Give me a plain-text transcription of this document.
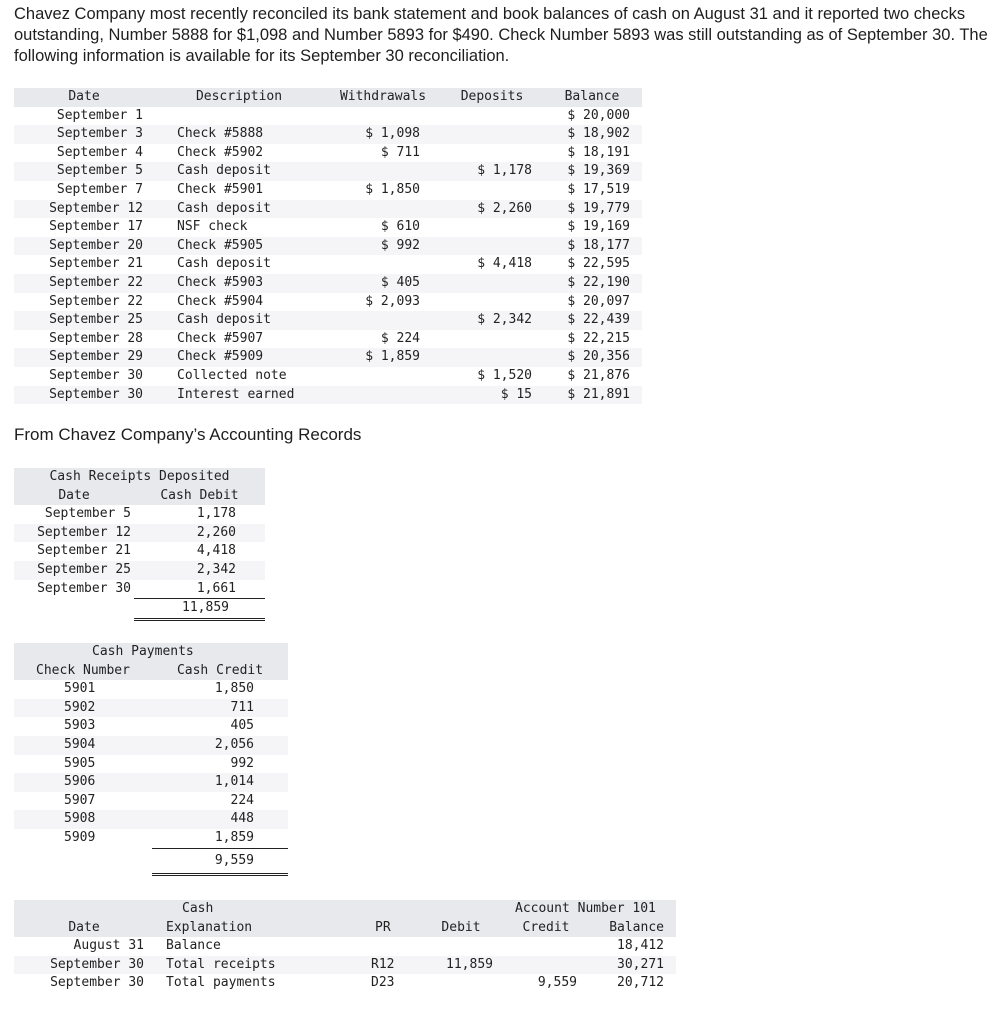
Chavez Company most recently reconciled its bank statement and book balances of cash on August 31 and it reported two checks outstanding, Number 5888 for $1,098 and Number 5893 for $490. Check Number 5893 was still outstanding as of September 30. The following information is available for its September 30 reconciliation.

Date	Description	Withdrawals	Deposits	Balance
September 1				$ 20,000
September 3	Check #5888	$ 1,098		$ 18,902
September 4	Check #5902	$ 711		$ 18,191
September 5	Cash deposit		$ 1,178	$ 19,369
September 7	Check #5901	$ 1,850		$ 17,519
September 12	Cash deposit		$ 2,260	$ 19,779
September 17	NSF check	$ 610		$ 19,169
September 20	Check #5905	$ 992		$ 18,177
September 21	Cash deposit		$ 4,418	$ 22,595
September 22	Check #5903	$ 405		$ 22,190
September 22	Check #5904	$ 2,093		$ 20,097
September 25	Cash deposit		$ 2,342	$ 22,439
September 28	Check #5907	$ 224		$ 22,215
September 29	Check #5909	$ 1,859		$ 20,356
September 30	Collected note		$ 1,520	$ 21,876
September 30	Interest earned		$ 15	$ 21,891

From Chavez Company’s Accounting Records

Cash Receipts Deposited	
Date	Cash Debit
September 5	1,178
September 12	2,260
September 21	4,418
September 25	2,342
September 30	1,661
	11,859
Cash Payments	
Check Number	Cash Credit
5901	1,850
5902	711
5903	405
5904	2,056
5905	992
5906	1,014
5907	224
5908	448
5909	1,859
	9,559
	Cash			Account Number 101	
Date	Explanation	PR	Debit	Credit	Balance
August 31	Balance				18,412
September 30	Total receipts	R12	11,859		30,271
September 30	Total payments	D23		9,559	20,712
